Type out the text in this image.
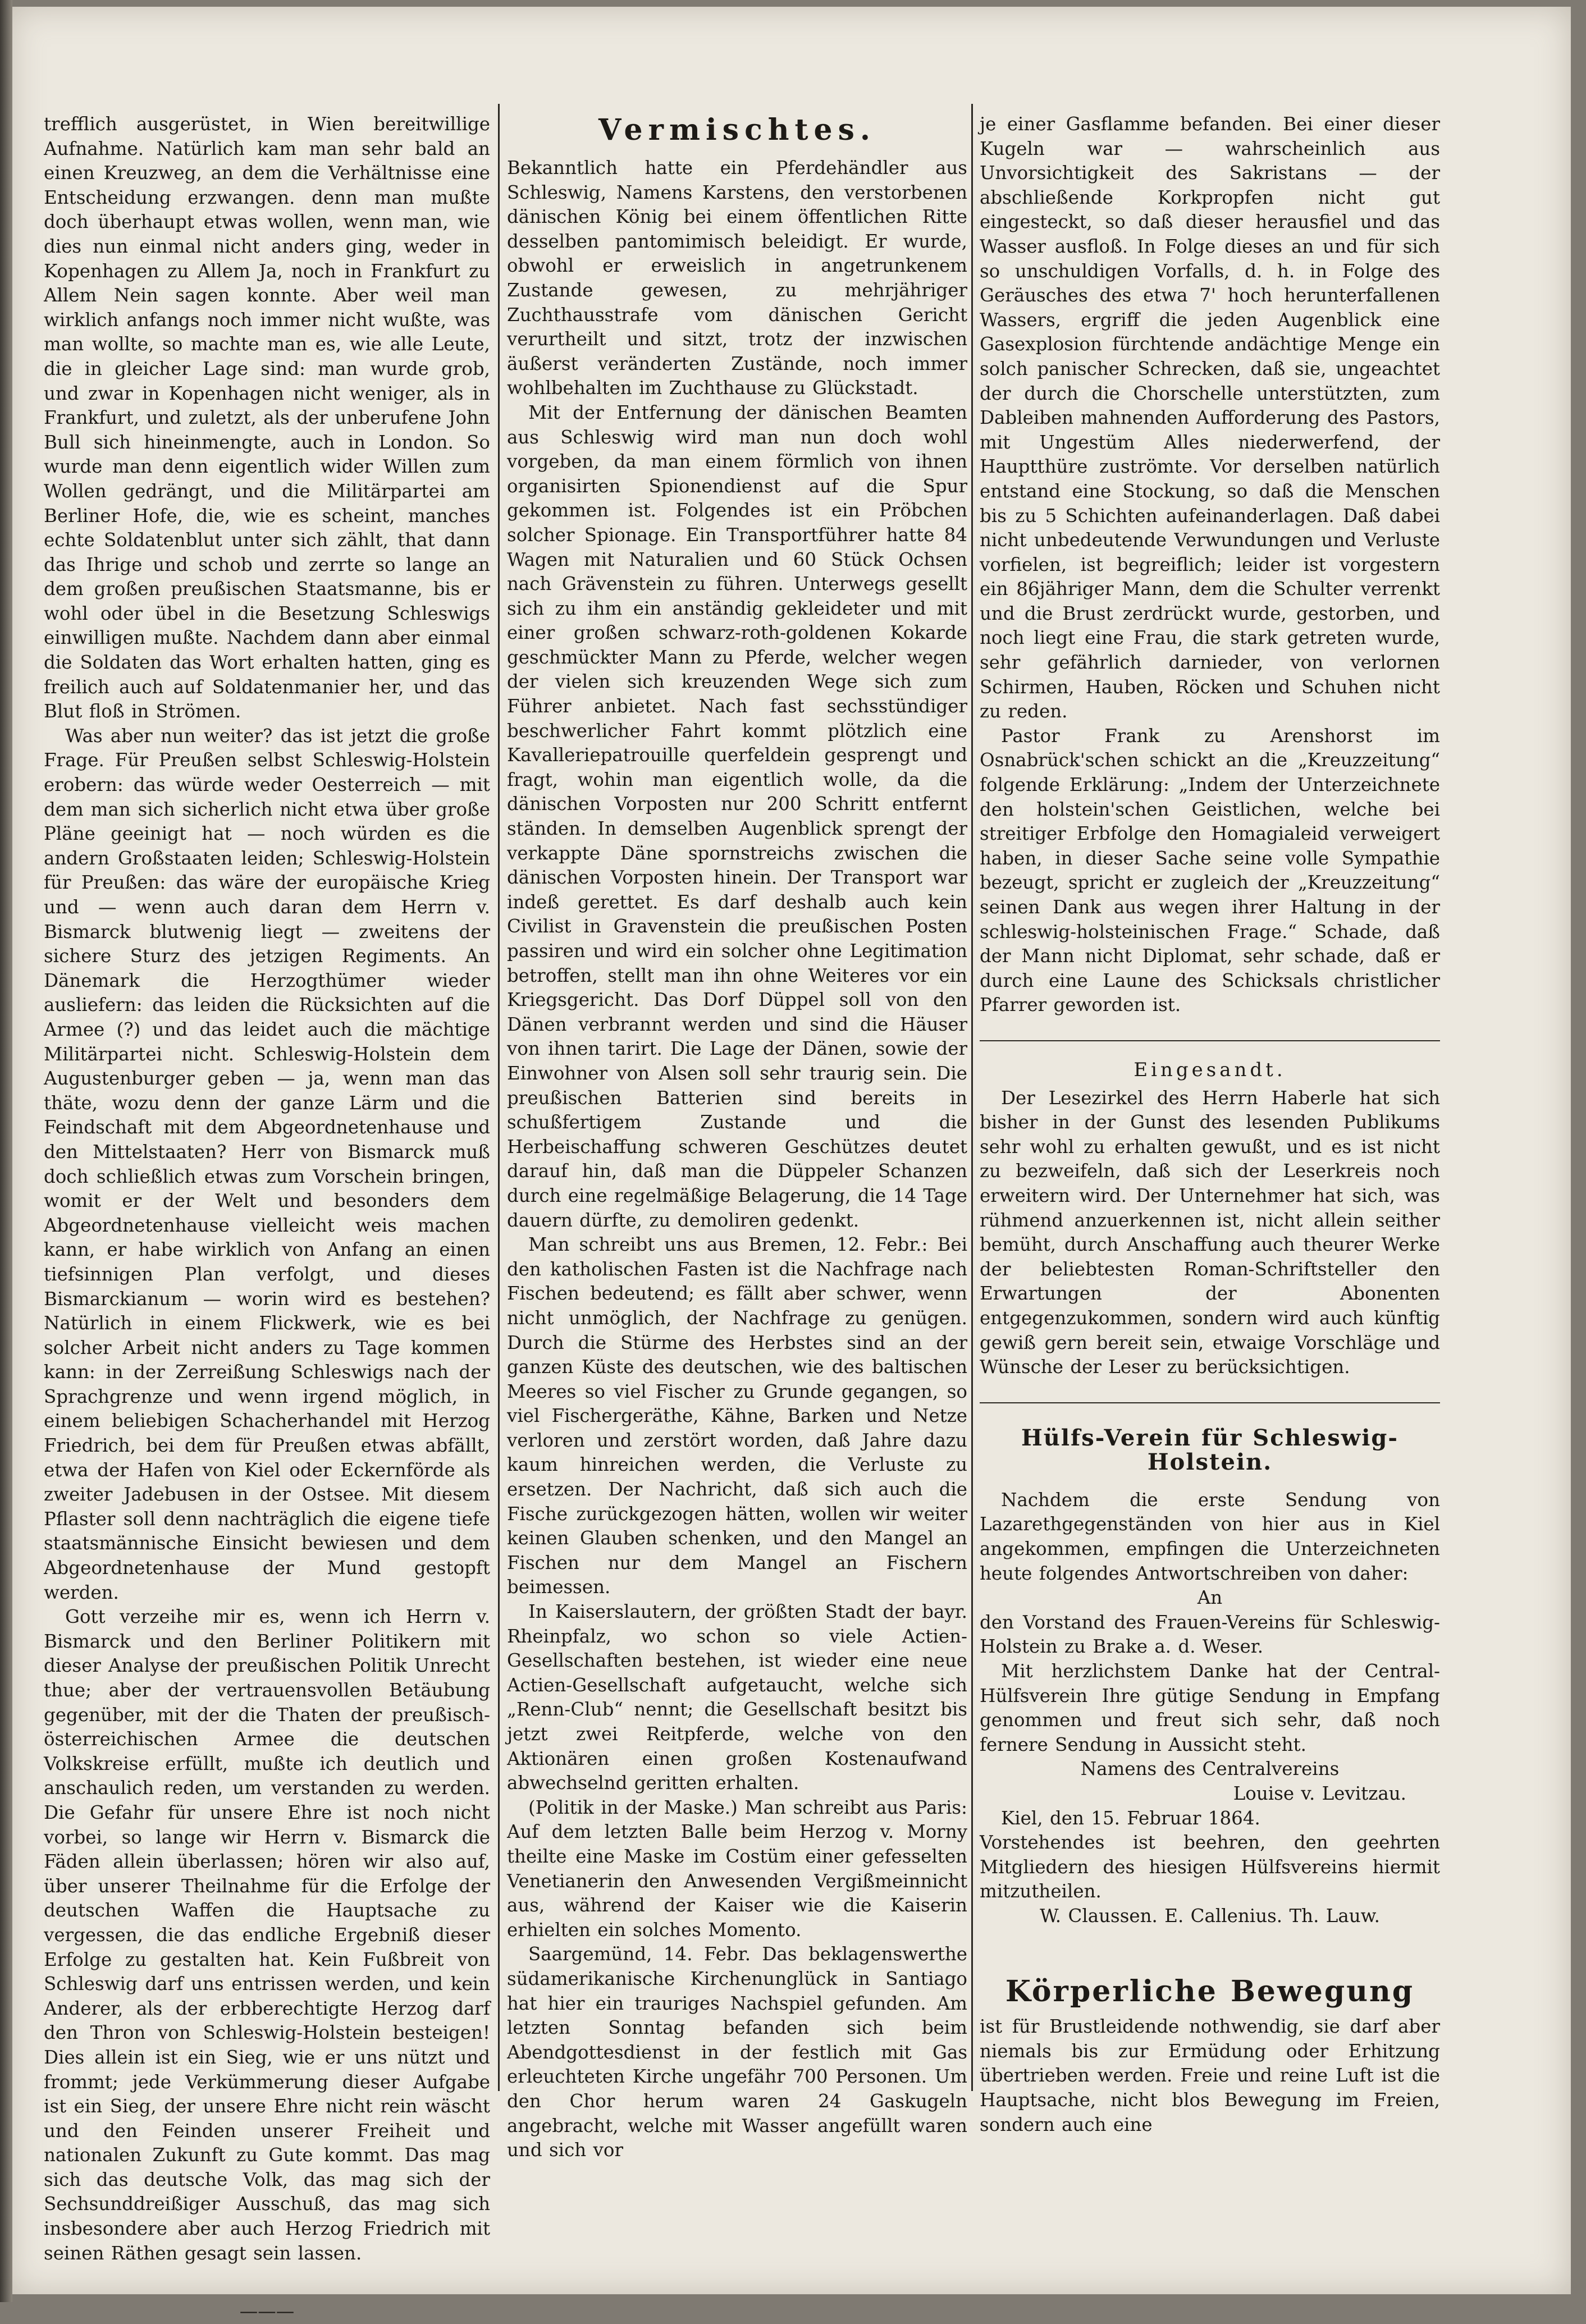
trefflich ausgerüstet, in Wien bereitwillige Aufnahme. Natürlich kam man sehr bald an einen Kreuzweg, an dem die Verhältnisse eine Entscheidung erzwangen. denn man mußte doch überhaupt etwas wollen, wenn man, wie dies nun einmal nicht anders ging, weder in Kopenhagen zu Allem Ja, noch in Frankfurt zu Allem Nein sagen konnte. Aber weil man wirklich anfangs noch immer nicht wußte, was man wollte, so machte man es, wie alle Leute, die in gleicher Lage sind: man wurde grob, und zwar in Kopenhagen nicht weniger, als in Frankfurt, und zuletzt, als der unberufene John Bull sich hineinmengte, auch in London. So wurde man denn eigentlich wider Willen zum Wollen gedrängt, und die Militärpartei am Berliner Hofe, die, wie es scheint, manches echte Soldatenblut unter sich zählt, that dann das Ihrige und schob und zerrte so lange an dem großen preußischen Staatsmanne, bis er wohl oder übel in die Besetzung Schleswigs einwilligen mußte. Nachdem dann aber einmal die Soldaten das Wort erhalten hatten, ging es freilich auch auf Soldatenmanier her, und das Blut floß in Strömen.

Was aber nun weiter? das ist jetzt die große Frage. Für Preußen selbst Schleswig-Holstein erobern: das würde weder Oesterreich — mit dem man sich sicherlich nicht etwa über große Pläne geeinigt hat — noch würden es die andern Großstaaten leiden; Schleswig-Holstein für Preußen: das wäre der europäische Krieg und — wenn auch daran dem Herrn v. Bismarck blutwenig liegt — zweitens der sichere Sturz des jetzigen Regiments. An Dänemark die Herzogthümer wieder ausliefern: das leiden die Rücksichten auf die Armee (?) und das leidet auch die mächtige Militärpartei nicht. Schleswig-Holstein dem Augustenburger geben — ja, wenn man das thäte, wozu denn der ganze Lärm und die Feindschaft mit dem Abgeordnetenhause und den Mittelstaaten? Herr von Bismarck muß doch schließlich etwas zum Vorschein bringen, womit er der Welt und besonders dem Abgeordnetenhause vielleicht weis machen kann, er habe wirklich von Anfang an einen tiefsinnigen Plan verfolgt, und dieses Bismarckianum — worin wird es bestehen? Natürlich in einem Flickwerk, wie es bei solcher Arbeit nicht anders zu Tage kommen kann: in der Zerreißung Schleswigs nach der Sprachgrenze und wenn irgend möglich, in einem beliebigen Schacherhandel mit Herzog Friedrich, bei dem für Preußen etwas abfällt, etwa der Hafen von Kiel oder Eckernförde als zweiter Jadebusen in der Ostsee. Mit diesem Pflaster soll denn nachträglich die eigene tiefe staatsmännische Einsicht bewiesen und dem Abgeordnetenhause der Mund gestopft werden.

Gott verzeihe mir es, wenn ich Herrn v. Bismarck und den Berliner Politikern mit dieser Analyse der preußischen Politik Unrecht thue; aber der vertrauensvollen Betäubung gegenüber, mit der die Thaten der preußisch-österreichischen Armee die deutschen Volkskreise erfüllt, mußte ich deutlich und anschaulich reden, um verstanden zu werden. Die Gefahr für unsere Ehre ist noch nicht vorbei, so lange wir Herrn v. Bismarck die Fäden allein überlassen; hören wir also auf, über unserer Theilnahme für die Erfolge der deutschen Waffen die Hauptsache zu vergessen, die das endliche Ergebniß dieser Erfolge zu gestalten hat. Kein Fußbreit von Schleswig darf uns entrissen werden, und kein Anderer, als der erbberechtigte Herzog darf den Thron von Schleswig-Holstein besteigen! Dies allein ist ein Sieg, wie er uns nützt und frommt; jede Verkümmerung dieser Aufgabe ist ein Sieg, der unsere Ehre nicht rein wäscht und den Feinden unserer Freiheit und nationalen Zukunft zu Gute kommt. Das mag sich das deutsche Volk, das mag sich der Sechsunddreißiger Ausschuß, das mag sich insbesondere aber auch Herzog Friedrich mit seinen Räthen gesagt sein lassen.

———
Vermischtes.

Bekanntlich hatte ein Pferdehändler aus Schleswig, Namens Karstens, den verstorbenen dänischen König bei einem öffentlichen Ritte desselben pantomimisch beleidigt. Er wurde, obwohl er erweislich in angetrunkenem Zustande gewesen, zu mehrjähriger Zuchthausstrafe vom dänischen Gericht verurtheilt und sitzt, trotz der inzwischen äußerst veränderten Zustände, noch immer wohlbehalten im Zuchthause zu Glückstadt.

Mit der Entfernung der dänischen Beamten aus Schleswig wird man nun doch wohl vorgeben, da man einem förmlich von ihnen organisirten Spionendienst auf die Spur gekommen ist. Folgendes ist ein Pröbchen solcher Spionage. Ein Transportführer hatte 84 Wagen mit Naturalien und 60 Stück Ochsen nach Grävenstein zu führen. Unterwegs gesellt sich zu ihm ein anständig gekleideter und mit einer großen schwarz-roth-goldenen Kokarde geschmückter Mann zu Pferde, welcher wegen der vielen sich kreuzenden Wege sich zum Führer anbietet. Nach fast sechsstündiger beschwerlicher Fahrt kommt plötzlich eine Kavalleriepatrouille querfeldein gesprengt und fragt, wohin man eigentlich wolle, da die dänischen Vorposten nur 200 Schritt entfernt ständen. In demselben Augenblick sprengt der verkappte Däne spornstreichs zwischen die dänischen Vorposten hinein. Der Transport war indeß gerettet. Es darf deshalb auch kein Civilist in Gravenstein die preußischen Posten passiren und wird ein solcher ohne Legitimation betroffen, stellt man ihn ohne Weiteres vor ein Kriegsgericht. Das Dorf Düppel soll von den Dänen verbrannt werden und sind die Häuser von ihnen tarirt. Die Lage der Dänen, sowie der Einwohner von Alsen soll sehr traurig sein. Die preußischen Batterien sind bereits in schußfertigem Zustande und die Herbeischaffung schweren Geschützes deutet darauf hin, daß man die Düppeler Schanzen durch eine regelmäßige Belagerung, die 14 Tage dauern dürfte, zu demoliren gedenkt.

Man schreibt uns aus Bremen, 12. Febr.: Bei den katholischen Fasten ist die Nachfrage nach Fischen bedeutend; es fällt aber schwer, wenn nicht unmöglich, der Nachfrage zu genügen. Durch die Stürme des Herbstes sind an der ganzen Küste des deutschen, wie des baltischen Meeres so viel Fischer zu Grunde gegangen, so viel Fischergeräthe, Kähne, Barken und Netze verloren und zerstört worden, daß Jahre dazu kaum hinreichen werden, die Verluste zu ersetzen. Der Nachricht, daß sich auch die Fische zurückgezogen hätten, wollen wir weiter keinen Glauben schenken, und den Mangel an Fischen nur dem Mangel an Fischern beimessen.

In Kaiserslautern, der größten Stadt der bayr. Rheinpfalz, wo schon so viele Actien-Gesellschaften bestehen, ist wieder eine neue Actien-Gesellschaft aufgetaucht, welche sich „Renn-Club“ nennt; die Gesellschaft besitzt bis jetzt zwei Reitpferde, welche von den Aktionären einen großen Kostenaufwand abwechselnd geritten erhalten.

(Politik in der Maske.) Man schreibt aus Paris: Auf dem letzten Balle beim Herzog v. Morny theilte eine Maske im Costüm einer gefesselten Venetianerin den Anwesenden Vergißmeinnicht aus, während der Kaiser wie die Kaiserin erhielten ein solches Momento.

Saargemünd, 14. Febr. Das beklagenswerthe südamerikanische Kirchenunglück in Santiago hat hier ein trauriges Nachspiel gefunden. Am letzten Sonntag befanden sich beim Abendgottesdienst in der festlich mit Gas erleuchteten Kirche ungefähr 700 Personen. Um den Chor herum waren 24 Gaskugeln angebracht, welche mit Wasser angefüllt waren und sich vor

je einer Gasflamme befanden. Bei einer dieser Kugeln war — wahrscheinlich aus Unvorsichtigkeit des Sakristans — der abschließende Korkpropfen nicht gut eingesteckt, so daß dieser herausfiel und das Wasser ausfloß. In Folge dieses an und für sich so unschuldigen Vorfalls, d. h. in Folge des Geräusches des etwa 7' hoch herunterfallenen Wassers, ergriff die jeden Augenblick eine Gasexplosion fürchtende andächtige Menge ein solch panischer Schrecken, daß sie, ungeachtet der durch die Chorschelle unterstützten, zum Dableiben mahnenden Aufforderung des Pastors, mit Ungestüm Alles niederwerfend, der Hauptthüre zuströmte. Vor derselben natürlich entstand eine Stockung, so daß die Menschen bis zu 5 Schichten aufeinanderlagen. Daß dabei nicht unbedeutende Verwundungen und Verluste vorfielen, ist begreiflich; leider ist vorgestern ein 86jähriger Mann, dem die Schulter verrenkt und die Brust zerdrückt wurde, gestorben, und noch liegt eine Frau, die stark getreten wurde, sehr gefährlich darnieder, von verlornen Schirmen, Hauben, Röcken und Schuhen nicht zu reden.

Pastor Frank zu Arenshorst im Osnabrück'schen schickt an die „Kreuzzeitung“ folgende Erklärung: „Indem der Unterzeichnete den holstein'schen Geistlichen, welche bei streitiger Erbfolge den Homagialeid verweigert haben, in dieser Sache seine volle Sympathie bezeugt, spricht er zugleich der „Kreuzzeitung“ seinen Dank aus wegen ihrer Haltung in der schleswig-holsteinischen Frage.“ Schade, daß der Mann nicht Diplomat, sehr schade, daß er durch eine Laune des Schicksals christlicher Pfarrer geworden ist.

Eingesandt.

Der Lesezirkel des Herrn Haberle hat sich bisher in der Gunst des lesenden Publikums sehr wohl zu erhalten gewußt, und es ist nicht zu bezweifeln, daß sich der Leserkreis noch erweitern wird. Der Unternehmer hat sich, was rühmend anzuerkennen ist, nicht allein seither bemüht, durch Anschaffung auch theurer Werke der beliebtesten Roman-Schriftsteller den Erwartungen der Abonenten entgegenzukommen, sondern wird auch künftig gewiß gern bereit sein, etwaige Vorschläge und Wünsche der Leser zu berücksichtigen.

Hülfs-Verein für Schleswig-Holstein.

Nachdem die erste Sendung von Lazarethgegenständen von hier aus in Kiel angekommen, empfingen die Unterzeichneten heute folgendes Antwortschreiben von daher:

An
den Vorstand des Frauen-Vereins für Schleswig-Holstein zu Brake a. d. Weser.
Mit herzlichstem Danke hat der Central-Hülfsverein Ihre gütige Sendung in Empfang genommen und freut sich sehr, daß noch fernere Sendung in Aussicht steht.
Namens des Centralvereins
Louise v. Levitzau.
Kiel, den 15. Februar 1864.
Vorstehendes ist beehren, den geehrten Mitgliedern des hiesigen Hülfsvereins hiermit mitzutheilen.
W. Claussen. E. Callenius. Th. Lauw.
Körperliche Bewegung

ist für Brustleidende nothwendig, sie darf aber niemals bis zur Ermüdung oder Erhitzung übertrieben werden. Freie und reine Luft ist die Hauptsache, nicht blos Bewegung im Freien, sondern auch eine
